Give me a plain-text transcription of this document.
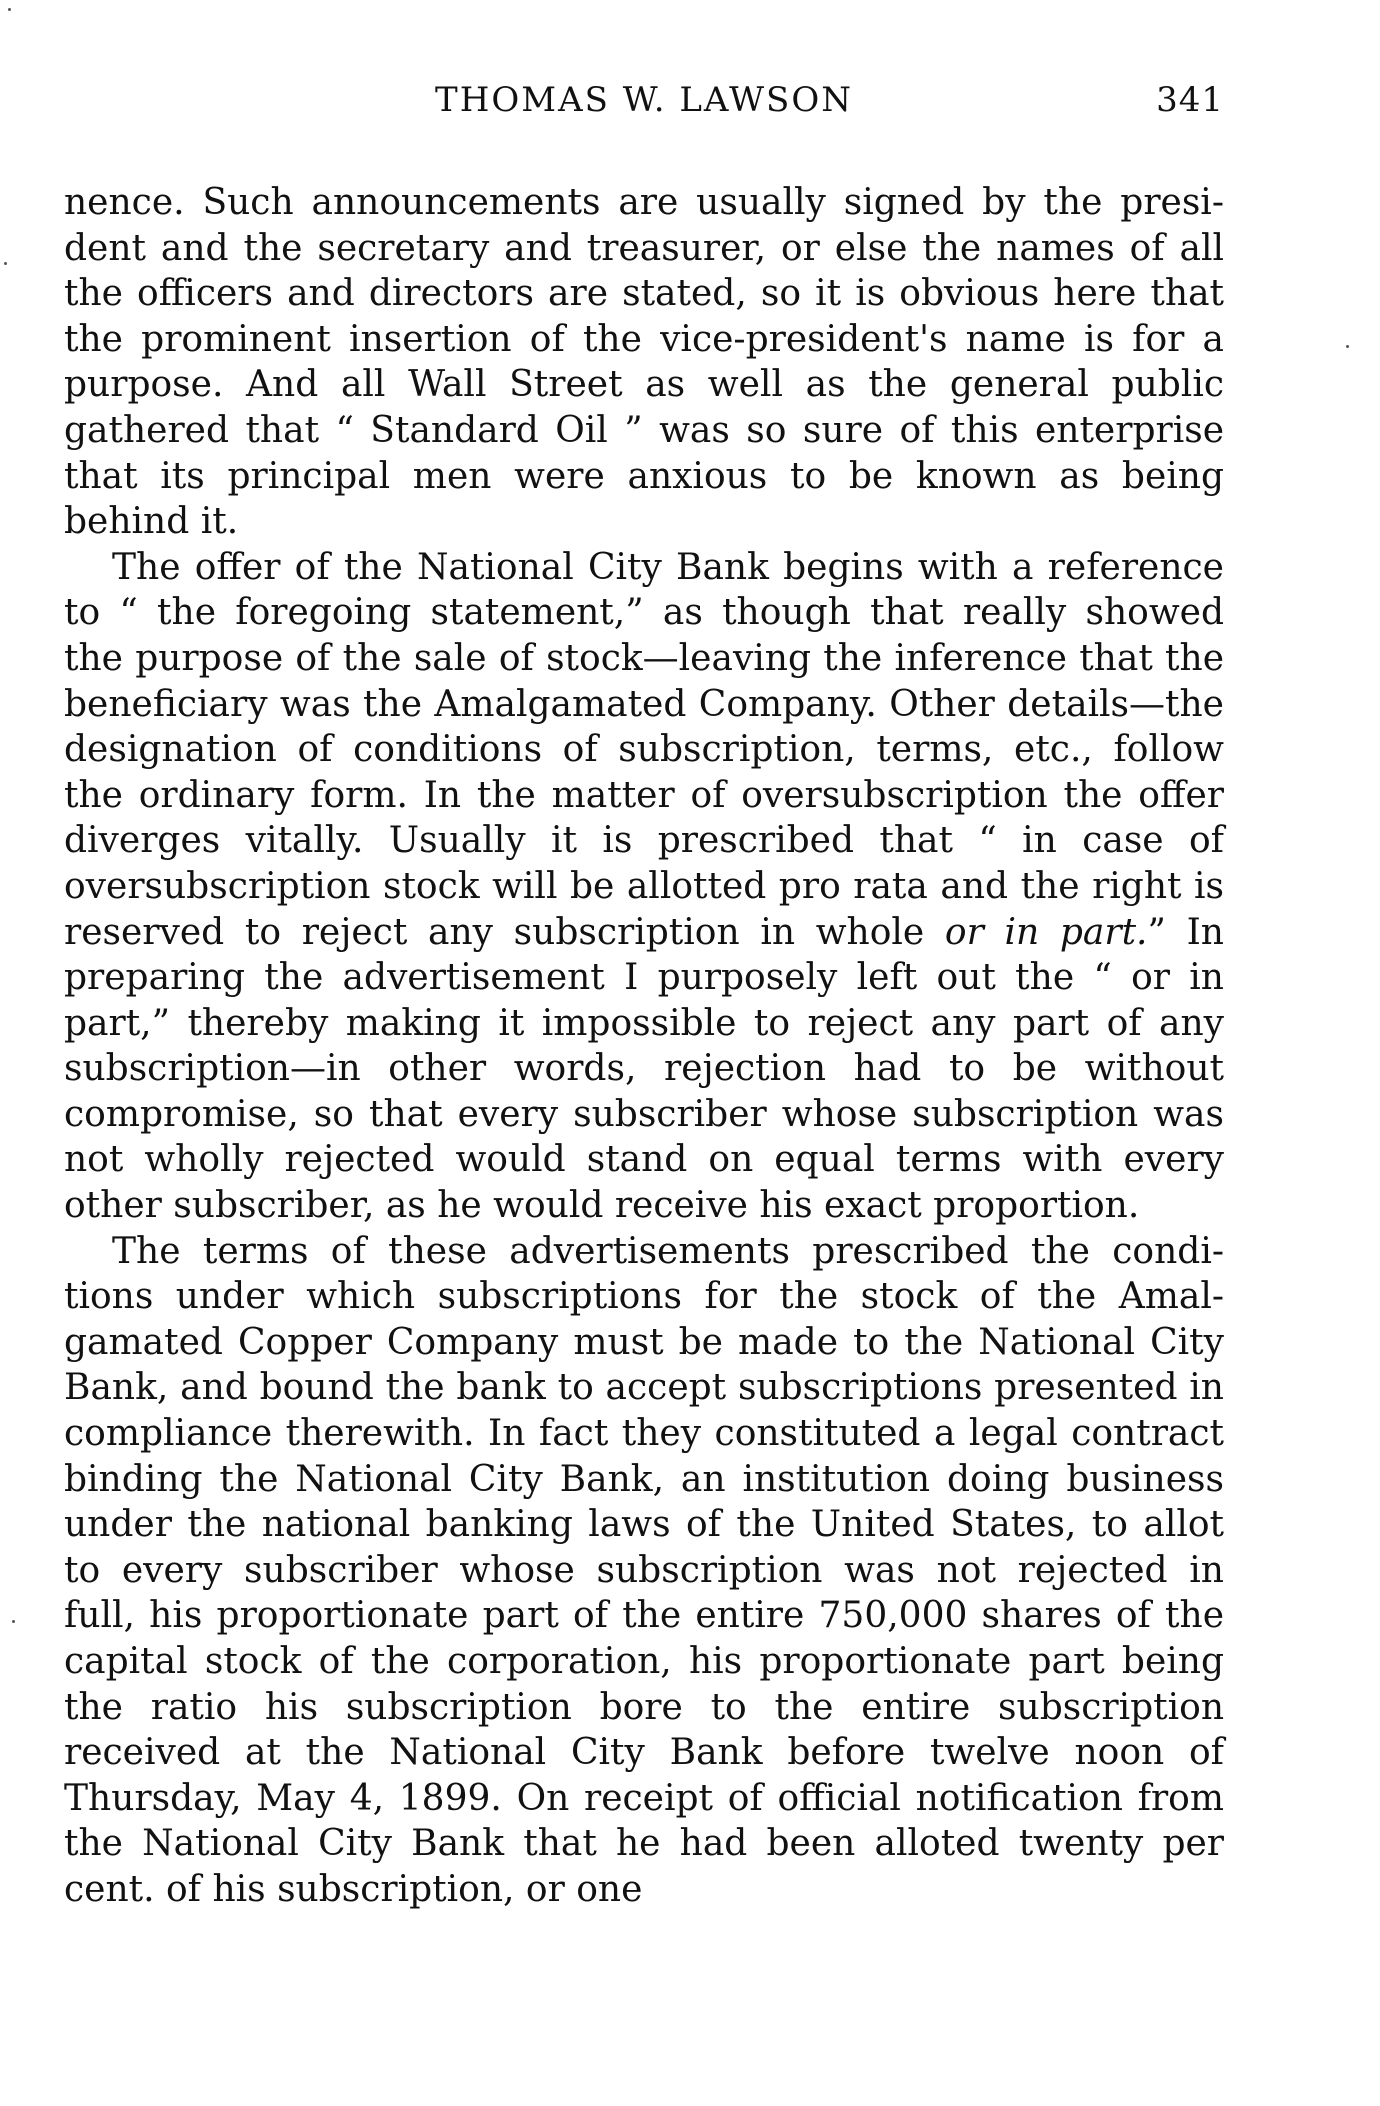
THOMAS W. LAWSON	341

nence. Such announcements are usually signed by the president and the secretary and treasurer, or else the names of all the officers and directors are stated, so it is obvious here that the prominent insertion of the vice-president's name is for a purpose. And all Wall Street as well as the general public gathered that “ Standard Oil ” was so sure of this enterprise that its principal men were anxious to be known as being behind it.

The offer of the National City Bank begins with a reference to “ the foregoing statement,” as though that really showed the purpose of the sale of stock—leaving the inference that the beneficiary was the Amalgamated Company. Other details—the designation of conditions of subscription, terms, etc., follow the ordinary form. In the matter of oversubscription the offer diverges vitally. Usually it is prescribed that “ in case of oversubscription stock will be allotted pro rata and the right is reserved to reject any subscription in whole or in part.” In preparing the advertisement I purposely left out the “ or in part,” thereby making it impossible to reject any part of any subscription—in other words, rejection had to be without compromise, so that every subscriber whose subscription was not wholly rejected would stand on equal terms with every other subscriber, as he would receive his exact proportion.

The terms of these advertisements prescribed the conditions under which subscriptions for the stock of the Amalgamated Copper Company must be made to the National City Bank, and bound the bank to accept subscriptions presented in compliance therewith. In fact they constituted a legal contract binding the National City Bank, an institution doing business under the national banking laws of the United States, to allot to every subscriber whose subscription was not rejected in full, his proportionate part of the entire 750,000 shares of the capital stock of the corporation, his proportionate part being the ratio his subscription bore to the entire subscription received at the National City Bank before twelve noon of Thursday, May 4, 1899. On receipt of official notification from the National City Bank that he had been alloted twenty per cent. of his subscription, or one
